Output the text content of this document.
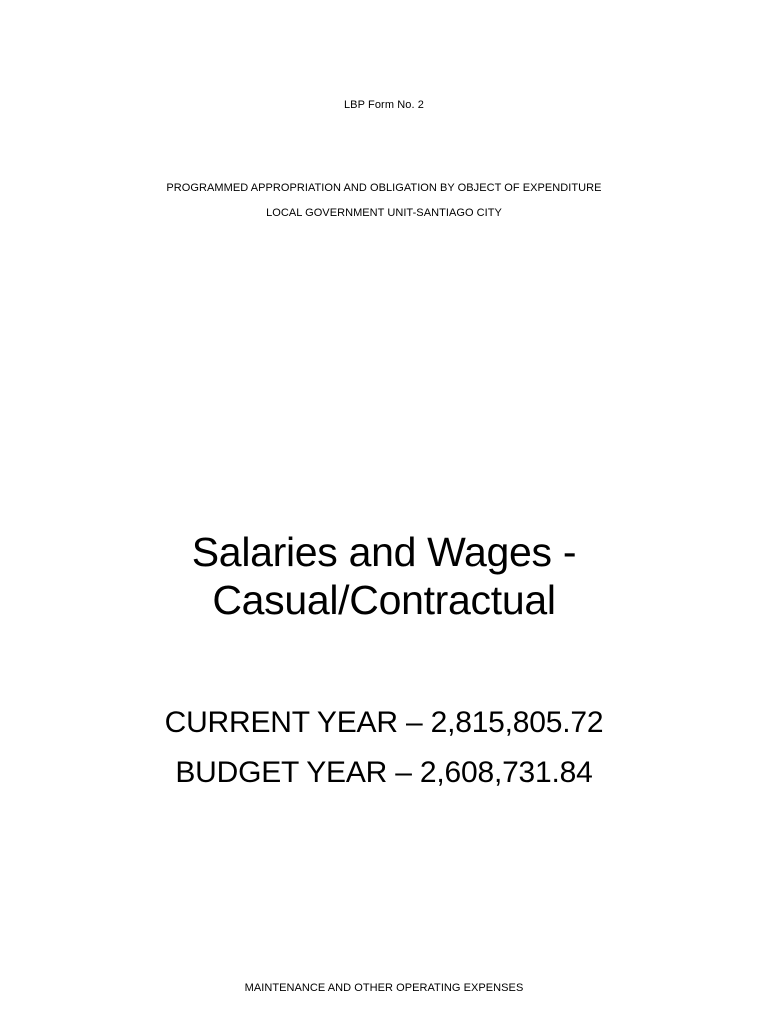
LBP Form No. 2
PROGRAMMED APPROPRIATION AND OBLIGATION BY OBJECT OF EXPENDITURE
LOCAL GOVERNMENT UNIT-SANTIAGO CITY
Salaries and Wages -
Casual/Contractual
CURRENT YEAR – 2,815,805.72
BUDGET YEAR – 2,608,731.84
MAINTENANCE AND OTHER OPERATING EXPENSES
